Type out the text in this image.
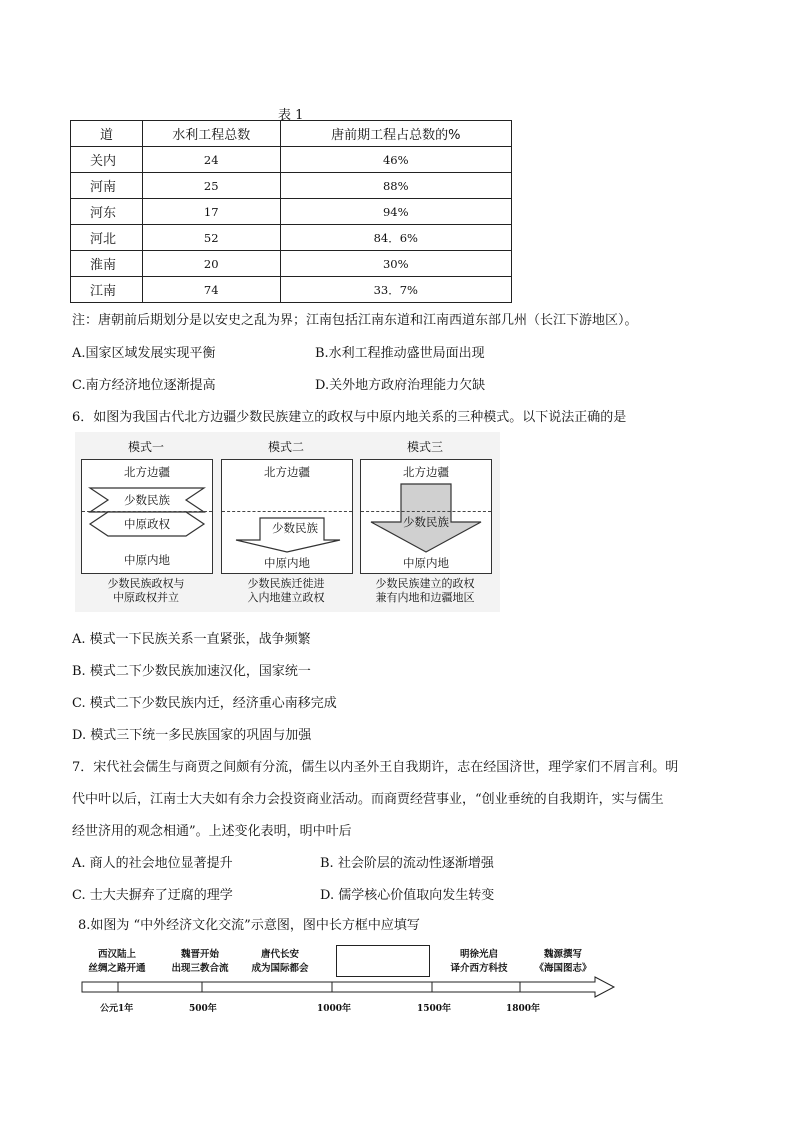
表 1
道	水利工程总数	唐前期工程占总数的%
关内	24	46%
河南	25	88%
河东	17	94%
河北	52	84．6%
淮南	20	30%
江南	74	33．7%
注：唐朝前后期划分是以安史之乱为界；江南包括江南东道和江南西道东部几州（长江下游地区）。
A.国家区域发展实现平衡	B.水利工程推动盛世局面出现
C.南方经济地位逐渐提高	D.关外地方政府治理能力欠缺
6．如图为我国古代北方边疆少数民族建立的政权与中原内地关系的三种模式。以下说法正确的是
模式一
北方边疆
少数民族
中原政权
中原内地
少数民族政权与
中原政权并立
模式二
北方边疆
少数民族
中原内地
少数民族迁徙进
入内地建立政权
模式三
北方边疆
少数民族
中原内地
少数民族建立的政权
兼有内地和边疆地区
A. 模式一下民族关系一直紧张，战争频繁
B. 模式二下少数民族加速汉化，国家统一
C. 模式二下少数民族内迁，经济重心南移完成
D. 模式三下统一多民族国家的巩固与加强
7．宋代社会儒生与商贾之间颇有分流，儒生以内圣外王自我期许，志在经国济世，理学家们不屑言利。明
代中叶以后，江南士大夫如有余力会投资商业活动。而商贾经营事业，“创业垂统的自我期许，实与儒生
经世济用的观念相通”。上述变化表明，明中叶后
A. 商人的社会地位显著提升	B. 社会阶层的流动性逐渐增强
C. 士大夫摒弃了迂腐的理学	D. 儒学核心价值取向发生转变
8.如图为 “中外经济文化交流”示意图，图中长方框中应填写
西汉陆上
丝绸之路开通
魏晋开始
出现三教合流
唐代长安
成为国际都会
明徐光启
译介西方科技
魏源撰写
《海国图志》
公元1年	500年	1000年	1500年	1800年
